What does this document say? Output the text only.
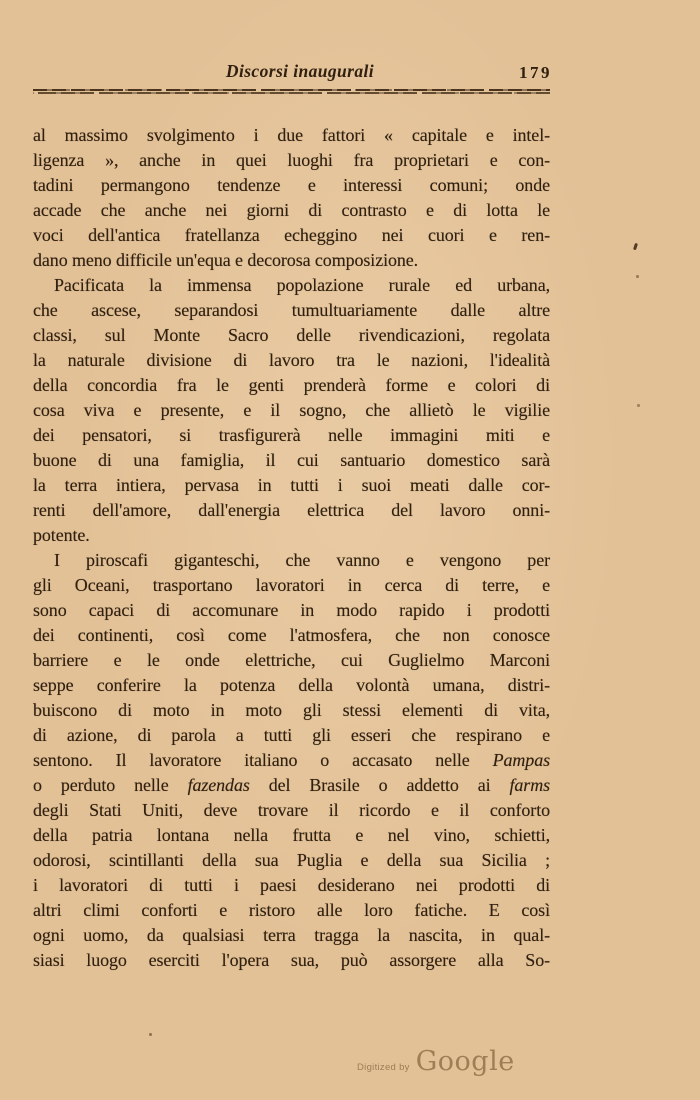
Discorsi inaugurali	179
al massimo svolgimento i due fattori « capitale e intel-
ligenza », anche in quei luoghi fra proprietari e con-
tadini permangono tendenze e interessi comuni; onde
accade che anche nei giorni di contrasto e di lotta le
voci dell'antica fratellanza echeggino nei cuori e ren-
dano meno difficile un'equa e decorosa composizione.
Pacificata la immensa popolazione rurale ed urbana,
che ascese, separandosi tumultuariamente dalle altre
classi, sul Monte Sacro delle rivendicazioni, regolata
la naturale divisione di lavoro tra le nazioni, l'idealità
della concordia fra le genti prenderà forme e colori di
cosa viva e presente, e il sogno, che allietò le vigilie
dei pensatori, si trasfigurerà nelle immagini miti e
buone di una famiglia, il cui santuario domestico sarà
la terra intiera, pervasa in tutti i suoi meati dalle cor-
renti dell'amore, dall'energia elettrica del lavoro onni-
potente.
I piroscafi giganteschi, che vanno e vengono per
gli Oceani, trasportano lavoratori in cerca di terre, e
sono capaci di accomunare in modo rapido i prodotti
dei continenti, così come l'atmosfera, che non conosce
barriere e le onde elettriche, cui Guglielmo Marconi
seppe conferire la potenza della volontà umana, distri-
buiscono di moto in moto gli stessi elementi di vita,
di azione, di parola a tutti gli esseri che respirano e
sentono. Il lavoratore italiano o accasato nelle Pampas
o perduto nelle fazendas del Brasile o addetto ai farms
degli Stati Uniti, deve trovare il ricordo e il conforto
della patria lontana nella frutta e nel vino, schietti,
odorosi, scintillanti della sua Puglia e della sua Sicilia ;
i lavoratori di tutti i paesi desiderano nei prodotti di
altri climi conforti e ristoro alle loro fatiche. E così
ogni uomo, da qualsiasi terra tragga la nascita, in qual-
siasi luogo eserciti l'opera sua, può assorgere alla So-
Digitized by Google
